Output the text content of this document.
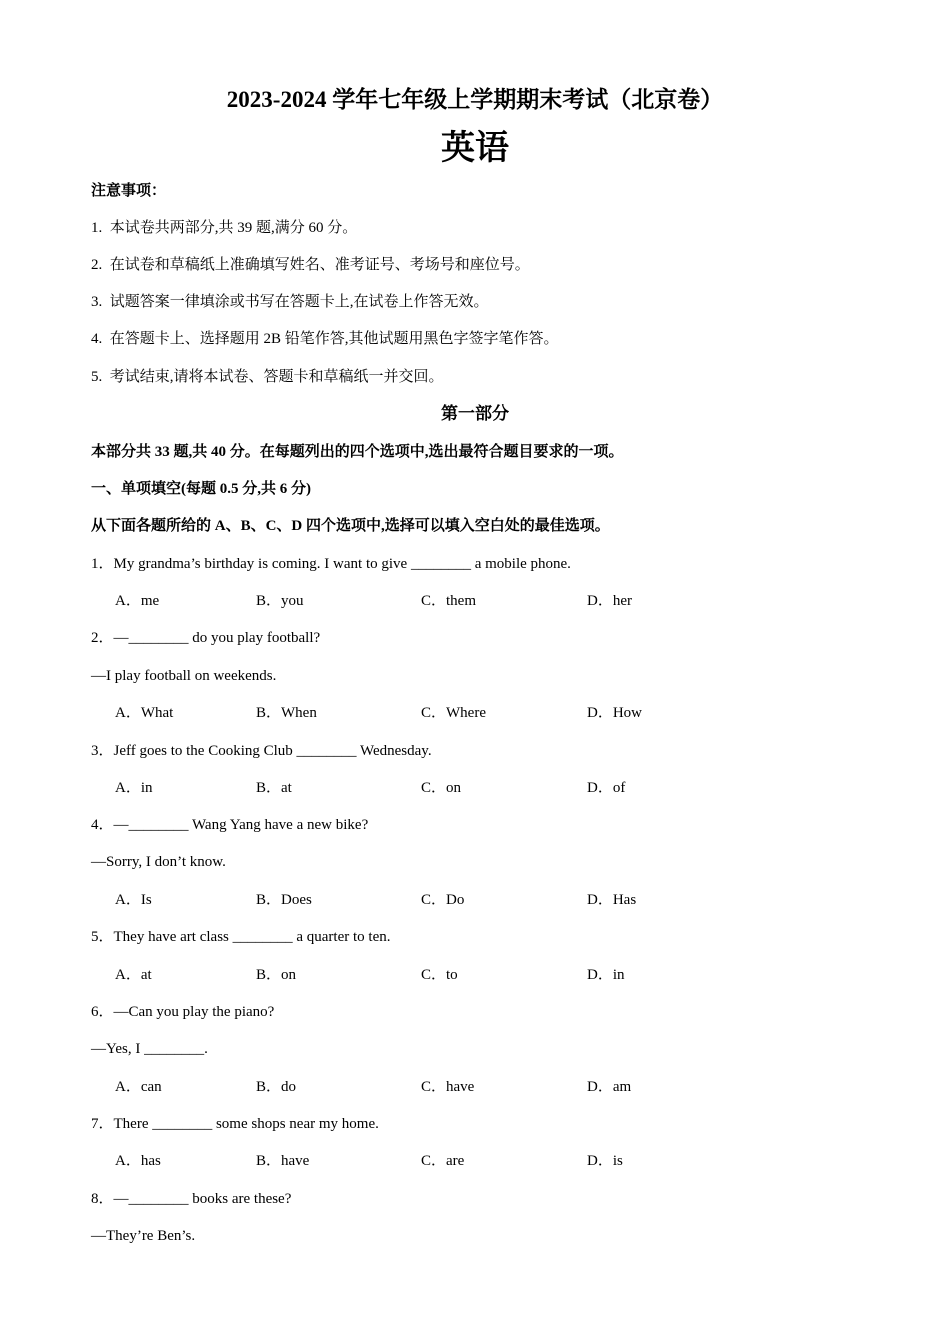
2023-2024 学年七年级上学期期末考试（北京卷）
英语
注意事项：
1.  本试卷共两部分,共 39 题,满分 60 分。
2.  在试卷和草稿纸上准确填写姓名、准考证号、考场号和座位号。
3.  试题答案一律填涂或书写在答题卡上,在试卷上作答无效。
4.  在答题卡上、选择题用 2B 铅笔作答,其他试题用黑色字签字笔作答。
5.  考试结束,请将本试卷、答题卡和草稿纸一并交回。
第一部分
本部分共 33 题,共 40 分。在每题列出的四个选项中,选出最符合题目要求的一项。
一、单项填空(每题 0.5 分,共 6 分)
从下面各题所给的 A、B、C、D 四个选项中,选择可以填入空白处的最佳选项。
1．My grandma’s birthday is coming. I want to give ________ a mobile phone.
A．me	B．you	C．them	D．her
2．—________ do you play football?
—I play football on weekends.
A．What	B．When	C．Where	D．How
3．Jeff goes to the Cooking Club ________ Wednesday.
A．in	B．at	C．on	D．of
4．—________ Wang Yang have a new bike?
—Sorry, I don’t know.
A．Is	B．Does	C．Do	D．Has
5．They have art class ________ a quarter to ten.
A．at	B．on	C．to	D．in
6．—Can you play the piano?
—Yes, I ________.
A．can	B．do	C．have	D．am
7．There ________ some shops near my home.
A．has	B．have	C．are	D．is
8．—________ books are these?
—They’re Ben’s.
